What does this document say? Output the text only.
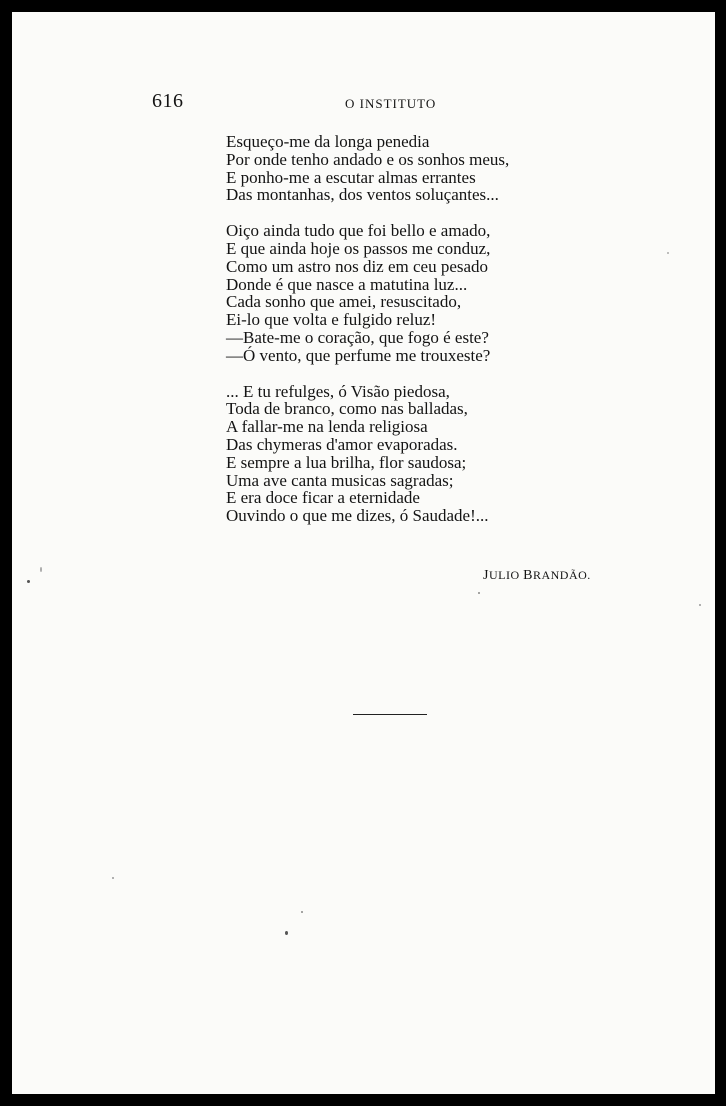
616	O INSTITUTO
Esqueço-me da longa penedia
Por onde tenho andado e os sonhos meus,
E ponho-me a escutar almas errantes
Das montanhas, dos ventos soluçantes...
Oiço ainda tudo que foi bello e amado,
E que ainda hoje os passos me conduz,
Como um astro nos diz em ceu pesado
Donde é que nasce a matutina luz...
Cada sonho que amei, resuscitado,
Ei-lo que volta e fulgido reluz!
—Bate-me o coração, que fogo é este?
—Ó vento, que perfume me trouxeste?
... E tu refulges, ó Visão piedosa,
Toda de branco, como nas balladas,
A fallar-me na lenda religiosa
Das chymeras d'amor evaporadas.
E sempre a lua brilha, flor saudosa;
Uma ave canta musicas sagradas;
E era doce ficar a eternidade
Ouvindo o que me dizes, ó Saudade!...
JULIO BRANDÃO.
